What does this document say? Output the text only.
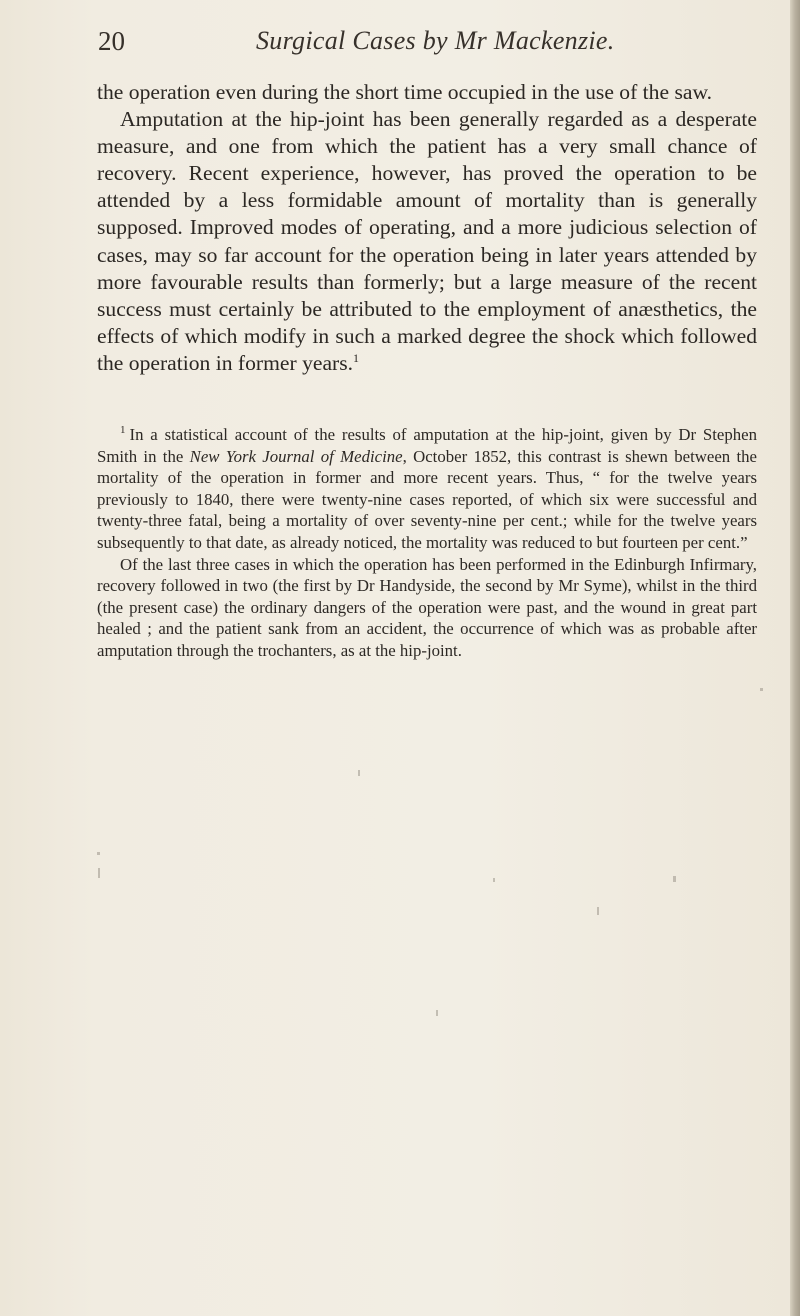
20	Surgical Cases by Mr Mackenzie.

the operation even during the short time occupied in the use of the saw.

Amputation at the hip-joint has been generally regarded as a desperate measure, and one from which the patient has a very small chance of recovery. Recent experience, however, has proved the operation to be attended by a less formidable amount of mortality than is generally supposed. Improved modes of operating, and a more judicious selection of cases, may so far account for the operation being in later years attended by more favourable results than formerly; but a large measure of the recent success must certainly be attributed to the employment of anæsthetics, the effects of which modify in such a marked degree the shock which followed the operation in former years.$^1$

$^1$ In a statistical account of the results of amputation at the hip-joint, given by Dr Stephen Smith in the New York Journal of Medicine, October 1852, this contrast is shewn between the mortality of the operation in former and more recent years. Thus, “ for the twelve years previously to 1840, there were twenty-nine cases reported, of which six were successful and twenty-three fatal, being a mortality of over seventy-nine per cent.; while for the twelve years subsequently to that date, as already noticed, the mortality was reduced to but fourteen per cent.”

Of the last three cases in which the operation has been performed in the Edinburgh Infirmary, recovery followed in two (the first by Dr Handyside, the second by Mr Syme), whilst in the third (the present case) the ordinary dangers of the operation were past, and the wound in great part healed ; and the patient sank from an accident, the occurrence of which was as probable after amputation through the trochanters, as at the hip-joint.
